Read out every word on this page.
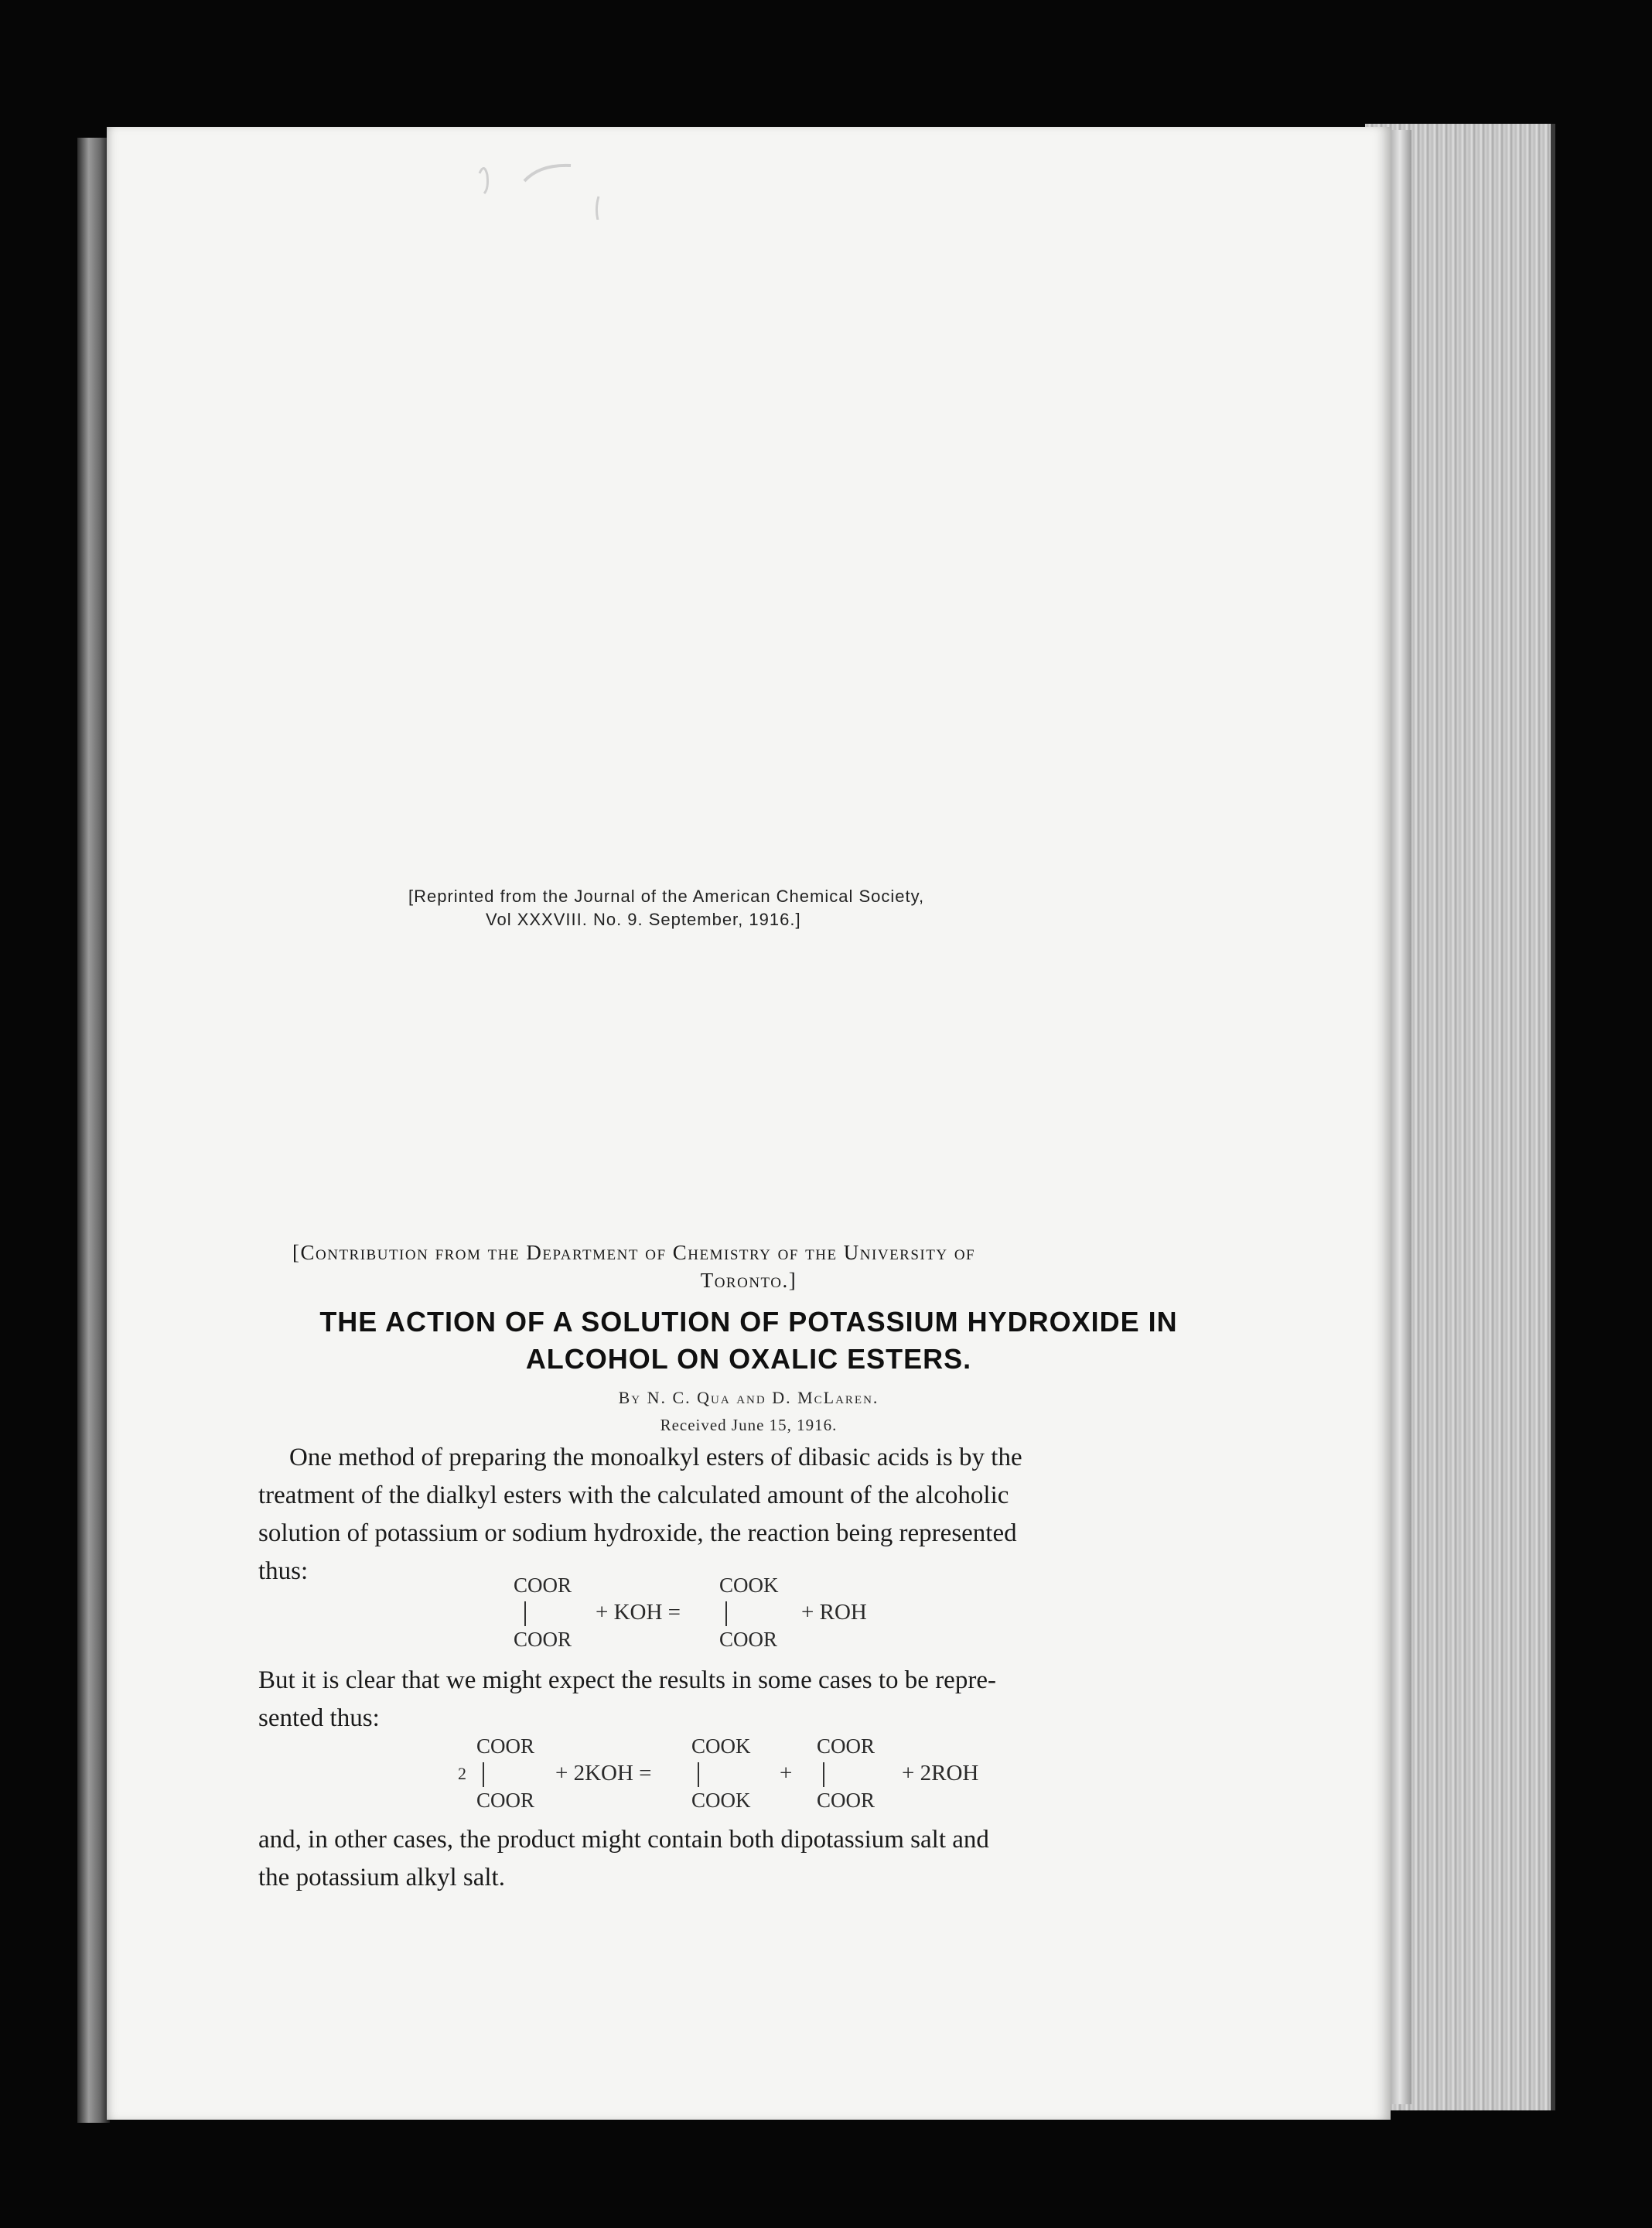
[Reprinted from the Journal of the American Chemical Society,
Vol XXXVIII. No. 9. September, 1916.]
[Contribution from the Department of Chemistry of the University of
Toronto.]
THE ACTION OF A SOLUTION OF POTASSIUM HYDROXIDE IN
ALCOHOL ON OXALIC ESTERS.
By N. C. Qua and D. McLaren.
Received June 15, 1916.

One method of preparing the monoalkyl esters of dibasic acids is by the

treatment of the dialkyl esters with the calculated amount of the alcoholic

solution of potassium or sodium hydroxide, the reaction being represented

thus:	COOR
COOR
+ KOH =
COOK
COOR
+ ROH

But it is clear that we might expect the results in some cases to be repre-

sented thus:

2
COOR
COOR
+ 2KOH =
COOK
COOK
+
COOR
COOR
+ 2ROH

and, in other cases, the product might contain both dipotassium salt and

the potassium alkyl salt.
